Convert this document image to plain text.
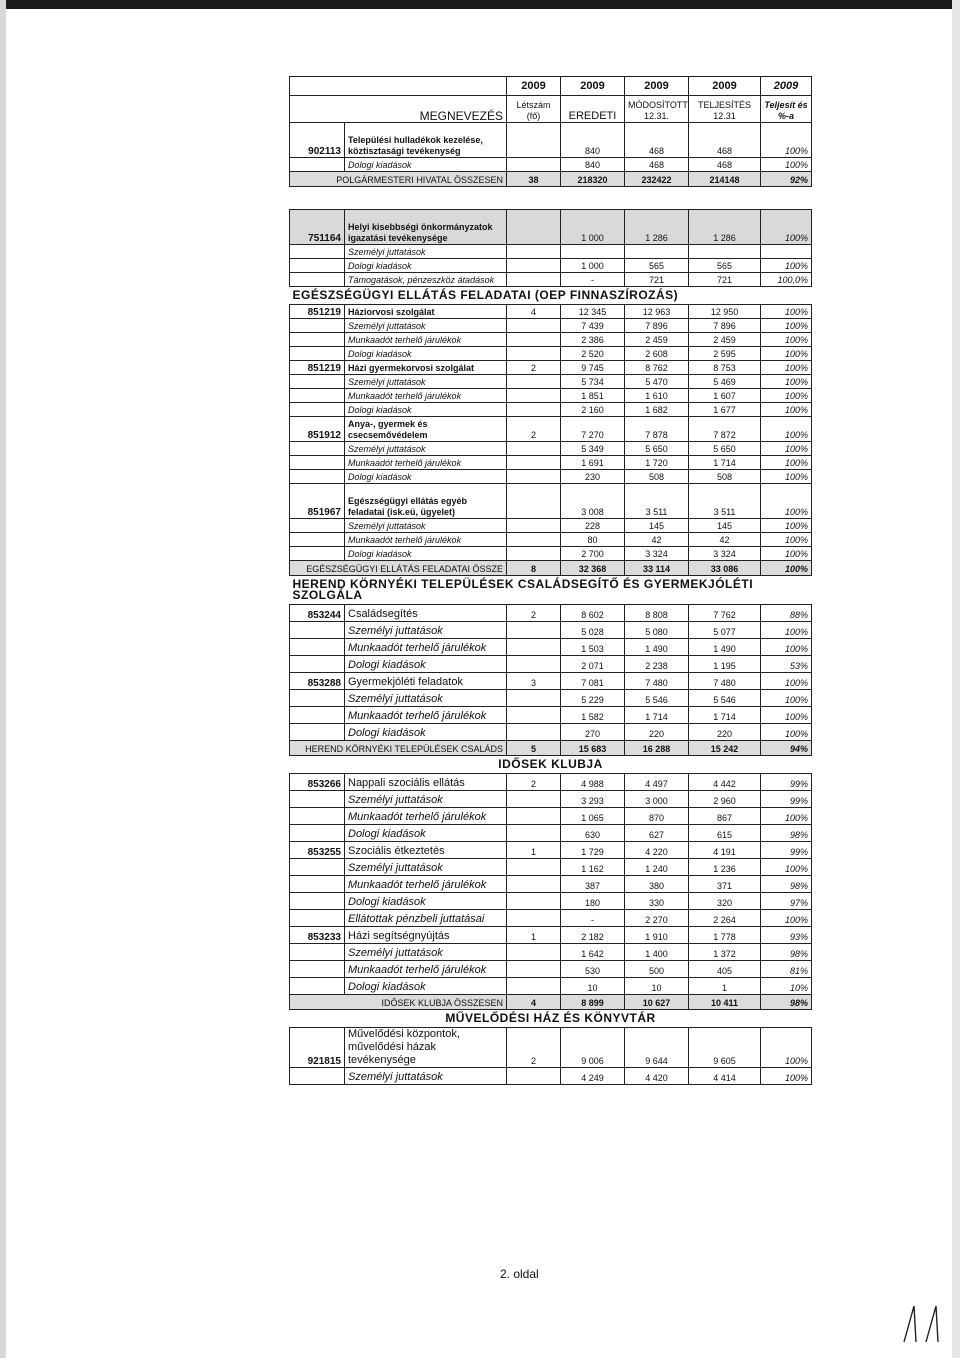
		2009	2009	2009	2009	2009
MEGNEVEZÉS		Létszám (fő)	EREDETI	MÓDOSÍTOTT 12.31.	TELJESÍTÉS 12.31	Teljesít és %-a
902113	Települési hulladékok kezelése, köztisztasági tevékenység		840	468	468	100%
	Dologi kiadások		840	468	468	100%
POLGÁRMESTERI HIVATAL ÖSSZESEN		38	218320	232422	214148	92%

751164	Helyi kisebbségi önkormányzatok igazatási tevékenysége		1 000	1 286	1 286	100%
	Személyi juttatások					
	Dologi kiadások		1 000	565	565	100%
	Támogatások, pénzeszköz átadások		-	721	721	100,0%
EGÉSZSÉGÜGYI ELLÁTÁS FELADATAI (OEP FINNASZÍROZÁS)						
851219	Háziorvosi szolgálat	4	12 345	12 963	12 950	100%
	Személyi juttatások		7 439	7 896	7 896	100%
	Munkaadót terhelő járulékok		2 386	2 459	2 459	100%
	Dologi kiadások		2 520	2 608	2 595	100%
851219	Házi gyermekorvosi szolgálat	2	9 745	8 762	8 753	100%
	Személyi juttatások		5 734	5 470	5 469	100%
	Munkaadót terhelő járulékok		1 851	1 610	1 607	100%
	Dologi kiadások		2 160	1 682	1 677	100%
851912	Anya-, gyermek és csecsemővédelem	2	7 270	7 878	7 872	100%
	Személyi juttatások		5 349	5 650	5 650	100%
	Munkaadót terhelő járulékok		1 691	1 720	1 714	100%
	Dologi kiadások		230	508	508	100%
851967	Egészségügyi ellátás egyéb feladatai (isk.eü, ügyelet)		3 008	3 511	3 511	100%
	Személyi juttatások		228	145	145	100%
	Munkaadót terhelő járulékok		80	42	42	100%
	Dologi kiadások		2 700	3 324	3 324	100%
EGÉSZSÉGÜGYI ELLÁTÁS FELADATAI ÖSSZE		8	32 368	33 114	33 086	100%
HEREND KÖRNYÉKI TELEPÜLÉSEK CSALÁDSEGÍTŐ ÉS GYERMEKJÓLÉTI SZOLGÁLA						
853244	Családsegítés	2	8 602	8 808	7 762	88%
	Személyi juttatások		5 028	5 080	5 077	100%
	Munkaadót terhelő járulékok		1 503	1 490	1 490	100%
	Dologi kiadások		2 071	2 238	1 195	53%
853288	Gyermekjóléti feladatok	3	7 081	7 480	7 480	100%
	Személyi juttatások		5 229	5 546	5 546	100%
	Munkaadót terhelő járulékok		1 582	1 714	1 714	100%
	Dologi kiadások		270	220	220	100%
HEREND KÖRNYÉKI TELEPÜLÉSEK CSALÁDS		5	15 683	16 288	15 242	94%
IDŐSEK KLUBJA						
853266	Nappali szociális ellátás	2	4 988	4 497	4 442	99%
	Személyi juttatások		3 293	3 000	2 960	99%
	Munkaadót terhelő járulékok		1 065	870	867	100%
	Dologi kiadások		630	627	615	98%
853255	Szociális étkeztetés	1	1 729	4 220	4 191	99%
	Személyi juttatások		1 162	1 240	1 236	100%
	Munkaadót terhelő járulékok		387	380	371	98%
	Dologi kiadások		180	330	320	97%
	Ellátottak pénzbeli juttatásai		-	2 270	2 264	100%
853233	Házi segítségnyújtás	1	2 182	1 910	1 778	93%
	Személyi juttatások		1 642	1 400	1 372	98%
	Munkaadót terhelő járulékok		530	500	405	81%
	Dologi kiadások		10	10	1	10%
IDŐSEK KLUBJA ÖSSZESEN		4	8 899	10 627	10 411	98%
MŰVELŐDÉSI HÁZ ÉS KÖNYVTÁR						
921815	Művelődési központok, művelődési házak tevékenysége	2	9 006	9 644	9 605	100%
	Személyi juttatások		4 249	4 420	4 414	100%
2. oldal
